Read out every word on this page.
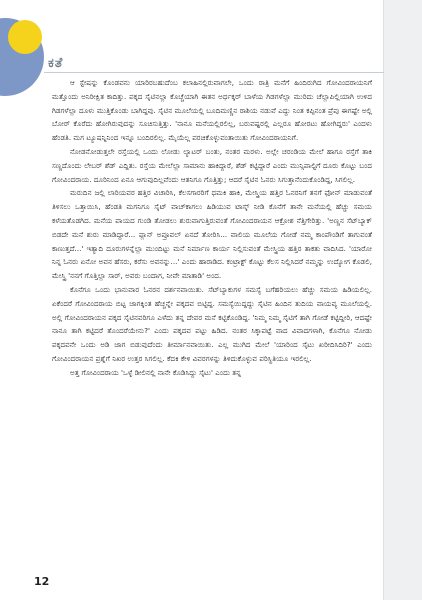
ಕತೆ

ಆ ಸ್ಟೇಷನ್ನು ಕೊಂಡವನು ಯಾರಿರಬಹುದೆಂಬ ಕಲಾಹಿನಲ್ಲಿರುವಾಗಲೇ, ಒಂದು ರಾತ್ರಿ ಮನೆಗೆ ಹಿಂದಿರುಗಿದ ಗೋವಿಂದರಾಯನಿಗೆ ಮತ್ತೊಂದು ಅನಿರೀಕ್ಷಿತ ಕಾದಿತ್ತು. ಪಕ್ಕದ ಸೈಟಿನಲ್ಲಾ ಕೊಚ್ಚೆಯಾಗಿ ಈತನ ಅರ್ಧಕ್ಕರ್ ಬಾಳೆಯ ಗಿಡಗಳೆಲ್ಲಾ ಮುರಿದು ಚೆಲ್ಲಾಪಿಲ್ಲಿಯಾಗಿ ಉಳಿದ ಗಿಡಗಳೆಲ್ಲಾ ದೂಳು ಮುತ್ತಿಕೊಂಡು ಬಾಗಿದ್ದವು. ಸೈಟಿನ ಮೂಲೆಯಲ್ಲಿ ಬೂದಿಮಣ್ಣಿನ ರಾಶಿಯ ನಡುವೆ ಎದ್ದು ನಿಂತ ಕಪ್ಪಿನಂತ ಪ್ರೆಪು ಈಗಷ್ಟೇ ಅಲ್ಲಿ ಬೋರ್ ಕೊರೆದು ಹೋಗಿರುವುದನ್ನು ಸೂಚಿಸುತ್ತಿತ್ತು. 'ನಾನೂ ಮನೆಯಲ್ಲಿರಲಿಲ್ಲ, ಬರುವಷ್ಟರಲ್ಲಿ ಎಲ್ಲರೂ ಹೋರಟು ಹೋಗಿದ್ದರು' ಎಂದಳು ಹೆಂಡತಿ. ಮಗ ಟ್ಯೂಷನ್ನಿನಿಂದ ಇನ್ನೂ ಬಂದಿರಲಿಲ್ಲ. ಮೈಯೆಲ್ಲ ಪರಚಿಕೊಳ್ಳುವಂತಾಯಿತು ಗೋವಿಂದರಾಯನಿಗೆ.

ನೋಡನೋಡುತ್ತಲೇ ರಸ್ತೆಯಲ್ಲಿ ಒಂದು ಲೋಡು ಲ್ಯಾಟರ್ ಬಂತು, ನಂತರ ಮರಳು. ಅಲ್ಲೇ ಚರಂಡಿಯ ಮೇಲೆ ಹಾಗೂ ರಸ್ತೆಗೆ ತಾಕಿ ಸಣ್ಣದೊಂದು ಲೇಬರ್ ಶೆಡ್ ಎದ್ದಿತು. ರಸ್ತೆಯ ಮೇಲೆಲ್ಲಾ ಸಾಮಾನು ಹಾಕಿದ್ದಾರೆ, ಶೆಡ್ ಕಟ್ಟಿದ್ದಾರೆ ಎಂದು ಮುನ್ಸಿಪಾಲ್ಟಿಗೆ ದೂರು ಕೊಟ್ಟು ಬಂದ ಗೋವಿಂದರಾಯ. ದೂರಿನಿಂದ ಏನೂ ಆಗುವುದಿಲ್ಲವೆಂದು ಆತನಿಗೂ ಗೊತ್ತಿತ್ತು; ಆದರೆ ಸೈಟಿನ ಓನರು ಸಿಗುತ್ತಾನೆಂದುಕೊಂಡಿದ್ದ, ಸಿಗಲಿಲ್ಲ.

ಮರುದಿನ ಜಲ್ಲಿ ಲಾರಿಯವರ ಹತ್ತಿರ ವಿಚಾರಿಸಿ, ಕೆಲಸಗಾರರಿಗೆ ಧಮಕಿ ಹಾಕಿ, ಮೇಸ್ತ್ರಿಯ ಹತ್ತಿರ ಓನರನಿಗೆ ತನಗೆ ಫೋನ್ ಮಾಡುವಂತೆ ತಿಳಿಸಲು ಒತ್ತಾಯಿಸಿ, ಹೆಂಡತಿ ಮಗನಿಗೂ ಸೈಟ್ ವಾಚ್‌ಕಾಗಲು ಹಿಡಿಯುವ ಟಾಸ್ಕ್ ನೀಡಿ ಕೊನೆಗೆ ತಾನೇ ಮನೆಯಲ್ಲಿ ಹೆಚ್ಚು ಸಮಯ ಕಳೆಯತೊಡಗಿದ. ಮನೆಯ ಪಾಯದ ಗುಂಡಿ ತೋಡಲು ಶುರುವಾಗುತ್ತಿರುವಂತೆ ಗೋವಿಂದರಾಯನ ಆಕ್ರೋಶ ನೆತ್ತಿಗೇರಿತ್ತು. 'ಅಣ್ಣನ ಸೆಟ್‌ಬ್ಯಾಕ್ ಬಿಡದೇ ಮನೆ ಶುರು ಮಾಡಿದ್ದಾರೆ... ಪ್ಲಾನ್ ಅಪ್ರೂವಲ್ ಏನದೆ ತೋರಿಸಿ... ವಾಲಿಯ ಮೂಲೆಯ ಗೋಡೆ ನಮ್ಮ ಕಾಂಪೌಂಡಿಗೆ ತಾಗುವಂತೆ ಕಾಣುತ್ತದೆ...' ಇತ್ಯಾದಿ ದೂರುಗಳನ್ನೆಲ್ಲಾ ಮುಂದಿಟ್ಟು ಮನೆ ನಿರ್ಮಾಣ ಕಾರ್ಯ ನಿಲ್ಲಿಸುವಂತೆ ಮೇಸ್ತ್ರಿಯ ಹತ್ತಿರ ತಾಕತು ವಾದಿಸಿದ. 'ಯಾರೋ ನಿನ್ನ ಓನರು ಏನೋ ಅವನ ಹೆಸರು, ಕರೆಸು ಅವನನ್ನು...' ಎಂದು ಹಾರಾಡಿದ. ಕಂಟ್ರಾಕ್ಟ್ ಕೊಟ್ಟು ಕೆಲಸ ನಿಲ್ಲಿಸಿದರೆ ನಮ್ಮನ್ನು ಉದ್ಯೋಗ ಕೊಡಲಿ, ಮೇಸ್ತ್ರಿ 'ನನಗೆ ಗೊತ್ತಿಲ್ಲಾ ಸಾರ್, ಅವರು ಬಂದಾಗ, ನೀವೇ ಮಾತಾಡಿ' ಅಂದ.

ಕೊನೆಗೂ ಒಂದು ಭಾನುವಾರ ಓನರನ ದರ್ಶನವಾಯಿತು. ಸೆಟ್‌ಬ್ಯಾಕುಗಳ ಸಮಸ್ಯೆ ಬಗೆಹರಿಯಲು ಹೆಚ್ಚು ಸಮಯ ಹಿಡಿಯಲಿಲ್ಲ. ಏಕೆಂದರೆ ಗೋವಿಂದರಾಯ ಬಿಟ್ಟ ಜಾಗಕ್ಕಿಂತ ಹೆಚ್ಚನ್ನೇ ಪಕ್ಕದವ ಬಿಟ್ಟಿದ್ದ. ಸಮಸ್ಯೆಯಿದ್ದದ್ದು ಸೈಟಿನ ಹಿಂದಿನ ತುದಿಯ ವಾಯವ್ಯ ಮೂಲೆಯಲ್ಲಿ. ಅಲ್ಲಿ ಗೋವಿಂದರಾಯನ ಪಕ್ಕದ ಸೈಟಿನವರಿಗೂ ಎಳೆದು ತನ್ನ ದೇವರ ಮನೆ ಕಟ್ಟಿಕೊಂಡಿದ್ದ. 'ನಿಮ್ಮ ನಿಮ್ಮ ಸೈಟಿಗೆ ತಾಗಿ ಗೋಡೆ ಕಟ್ಟಿದ್ದೀರಿ, ಆದಷ್ಟೇ ನಾನೂ ತಾಗಿ ಕಟ್ಟಿದರೆ ತೊಂದರೆಯೇನು?' ಎಂದು ಪಕ್ಕದವ ಪಟ್ಟು ಹಿಡಿದ. ನಂತರ ಸಿಕ್ಕಾಪಟ್ಟೆ ವಾದ ವಿವಾದಗಳಾಗಿ, ಕೊನೆಗೂ ನೋಡು ಪಕ್ಕದವನೇ ಒಂದು ಅಡಿ ಜಾಗ ಬಿಡುವುದೆಂದು ತೀರ್ಮಾನವಾಯಿತು. ಎಲ್ಲ ಮುಗಿದ ಮೇಲೆ 'ಯಾರಿಂದ ಸೈಟು ಖರೀದಿಸಿದಿರಿ?' ಎಂದು ಗೋವಿಂದರಾಯನ ಪ್ರಶ್ನೆಗೆ ನಿಖರ ಉತ್ತರ ಸಿಗಲಿಲ್ಲ. ಕೆದಕಿ ಕೇಳಿ ವಿವರಗಳನ್ನು ತಿಳಿದುಕೊಳ್ಳುವ ಪರಿಸ್ಥಿತಿಯೂ ಇರಲಿಲ್ಲ.

ಅತ್ತ ಗೋವಿಂದರಾಯ 'ಒಳ್ಳೆ ಡೀಲಿನಲ್ಲಿ ನಾನೇ ಕೊಡಿಸಿದ್ದು ಸೈಟು' ಎಂದು ತನ್ನ

12
